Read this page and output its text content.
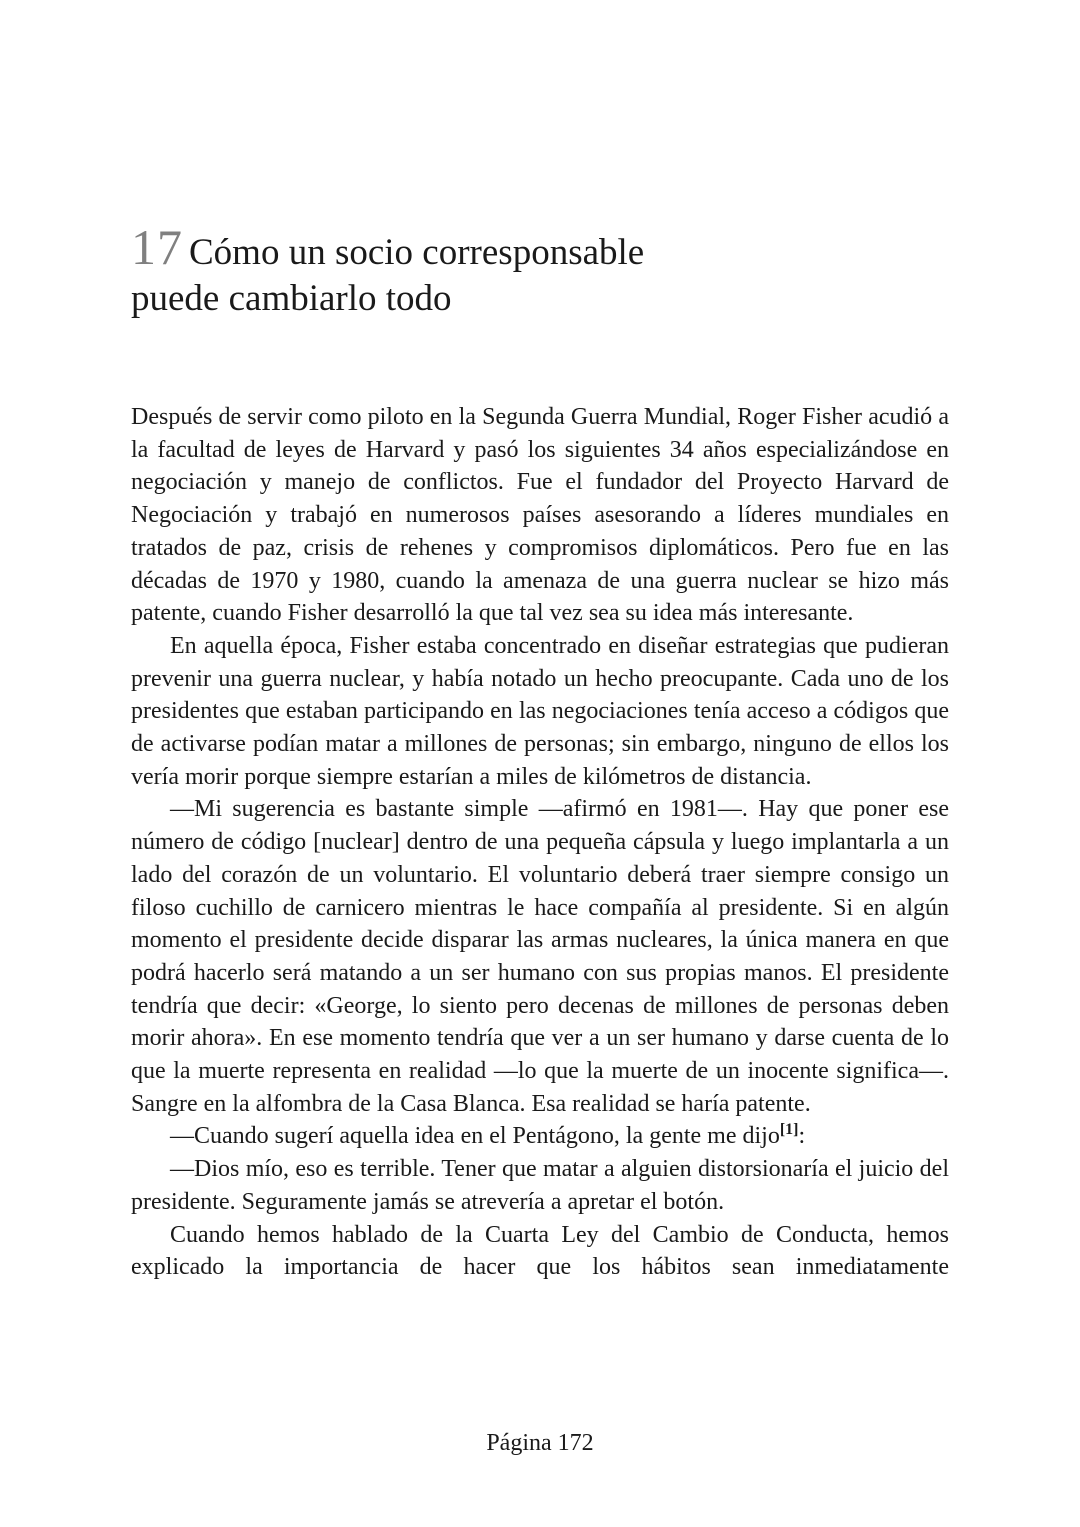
17 Cómo un socio corresponsable
puede cambiarlo todo

Después de servir como piloto en la Segunda Guerra Mundial, Roger Fisher acudió a la facultad de leyes de Harvard y pasó los siguientes 34 años especializándose en negociación y manejo de conflictos. Fue el fundador del Proyecto Harvard de Negociación y trabajó en numerosos países asesorando a líderes mundiales en tratados de paz, crisis de rehenes y compromisos diplomáticos. Pero fue en las décadas de 1970 y 1980, cuando la amenaza de una guerra nuclear se hizo más patente, cuando Fisher desarrolló la que tal vez sea su idea más interesante.

En aquella época, Fisher estaba concentrado en diseñar estrategias que pudieran prevenir una guerra nuclear, y había notado un hecho preocupante. Cada uno de los presidentes que estaban participando en las negociaciones tenía acceso a códigos que de activarse podían matar a millones de personas; sin embargo, ninguno de ellos los vería morir porque siempre estarían a miles de kilómetros de distancia.

—Mi sugerencia es bastante simple —afirmó en 1981—. Hay que poner ese número de código [nuclear] dentro de una pequeña cápsula y luego implantarla a un lado del corazón de un voluntario. El voluntario deberá traer siempre consigo un filoso cuchillo de carnicero mientras le hace compañía al presidente. Si en algún momento el presidente decide disparar las armas nucleares, la única manera en que podrá hacerlo será matando a un ser humano con sus propias manos. El presidente tendría que decir: «George, lo siento pero decenas de millones de personas deben morir ahora». En ese momento tendría que ver a un ser humano y darse cuenta de lo que la muerte representa en realidad —lo que la muerte de un inocente significa—. Sangre en la alfombra de la Casa Blanca. Esa realidad se haría patente.

—Cuando sugerí aquella idea en el Pentágono, la gente me dijo[1]:

—Dios mío, eso es terrible. Tener que matar a alguien distorsionaría el juicio del presidente. Seguramente jamás se atrevería a apretar el botón.

Cuando hemos hablado de la Cuarta Ley del Cambio de Conducta, hemos explicado la importancia de hacer que los hábitos sean inmediatamente

Página 172
